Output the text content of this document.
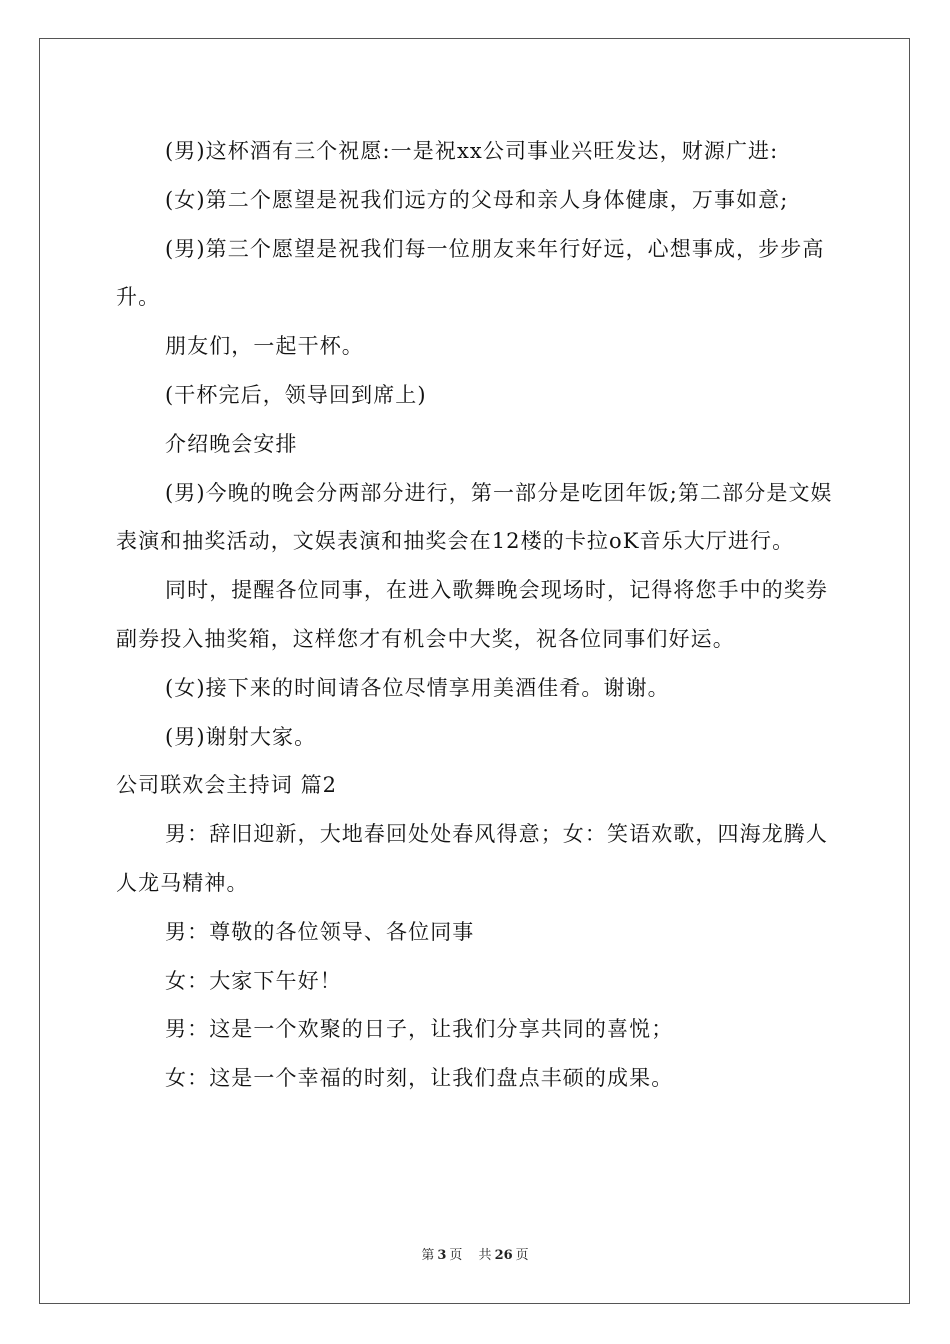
(男)这杯酒有三个祝愿:一是祝xx公司事业兴旺发达，财源广进:

(女)第二个愿望是祝我们远方的父母和亲人身体健康，万事如意;

(男)第三个愿望是祝我们每一位朋友来年行好远，心想事成，步步高升。

朋友们，一起干杯。

(干杯完后，领导回到席上)

介绍晚会安排

(男)今晚的晚会分两部分进行，第一部分是吃团年饭;第二部分是文娱表演和抽奖活动，文娱表演和抽奖会在12楼的卡拉oK音乐大厅进行。

同时，提醒各位同事，在进入歌舞晚会现场时，记得将您手中的奖券副券投入抽奖箱，这样您才有机会中大奖，祝各位同事们好运。

(女)接下来的时间请各位尽情享用美酒佳肴。谢谢。

(男)谢射大家。

公司联欢会主持词 篇2

男：辞旧迎新，大地春回处处春风得意；女：笑语欢歌，四海龙腾人人龙马精神。

男：尊敬的各位领导、各位同事

女：大家下午好！

男：这是一个欢聚的日子，让我们分享共同的喜悦；

女：这是一个幸福的时刻，让我们盘点丰硕的成果。

第 3 页 共 26 页
